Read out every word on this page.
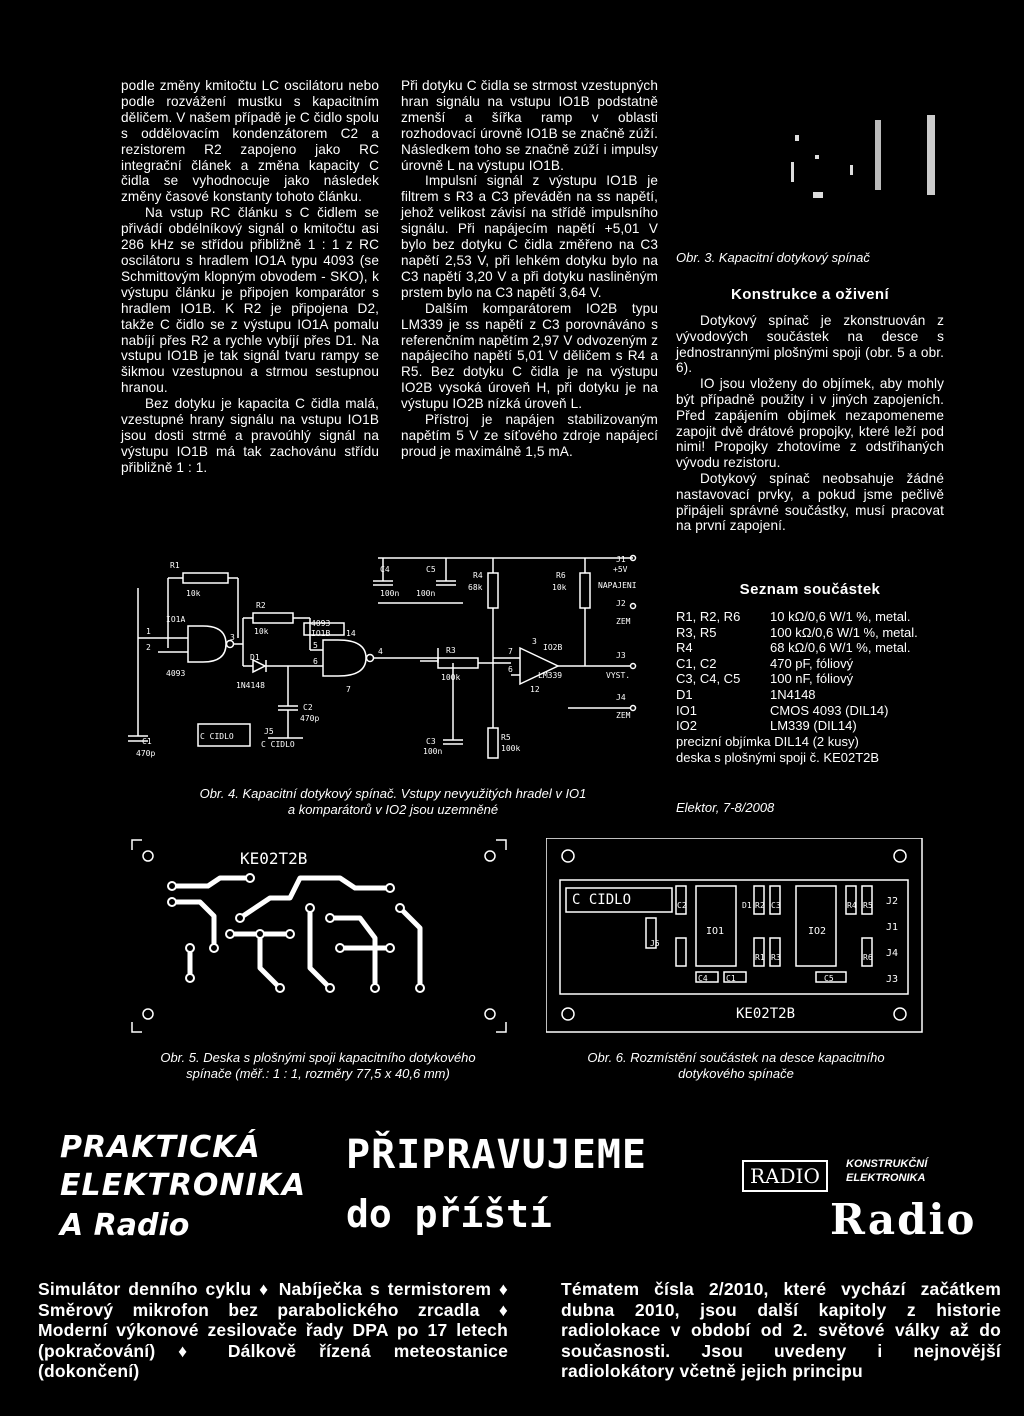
podle změny kmitočtu LC oscilátoru nebo podle rozvážení mustku s kapacitním děličem. V našem případě je C čidlo spolu s oddělovacím kondenzátorem C2 a rezistorem R2 zapojeno jako RC integrační článek a změna kapacity C čidla se vyhodnocuje jako následek změny časové konstanty tohoto článku.

Na vstup RC článku s C čidlem se přivádí obdélníkový signál o kmitočtu asi 286 kHz se střídou přibližně 1 : 1 z RC oscilátoru s hradlem IO1A typu 4093 (se Schmittovým klopným obvodem - SKO), k výstupu článku je připojen komparátor s hradlem IO1B. K R2 je připojena D2, takže C čidlo se z výstupu IO1A pomalu nabíjí přes R2 a rychle vybíjí přes D1. Na vstupu IO1B je tak signál tvaru rampy se šikmou vzestupnou a strmou sestupnou hranou.

Bez dotyku je kapacita C čidla malá, vzestupné hrany signálu na vstupu IO1B jsou dosti strmé a pravoúhlý signál na výstupu IO1B má tak zachovánu střídu přibližně 1 : 1.

Při dotyku C čidla se strmost vzestupných hran signálu na vstupu IO1B podstatně zmenší a šířka ramp v oblasti rozhodovací úrovně IO1B se značně zúží. Následkem toho se značně zúží i impulsy úrovně L na výstupu IO1B.

Impulsní signál z výstupu IO1B je filtrem s R3 a C3 převáděn na ss napětí, jehož velikost závisí na střídě impulsního signálu. Při napájecím napětí +5,01 V bylo bez dotyku C čidla změřeno na C3 napětí 2,53 V, při lehkém dotyku bylo na C3 napětí 3,20 V a při dotyku nasliněným prstem bylo na C3 napětí 3,64 V.

Dalším komparátorem IO2B typu LM339 je ss napětí z C3 porovnáváno s referenčním napětím 2,97 V odvozeným z napájecího napětí 5,01 V děličem s R4 a R5. Bez dotyku C čidla je na výstupu IO2B vysoká úroveň H, při dotyku je na výstupu IO2B nízká úroveň L.

Přístroj je napájen stabilizovaným napětím 5 V ze síťového zdroje napájecí proud je maximálně 1,5 mA.

Obr. 3. Kapacitní dotykový spínač
Konstrukce a oživení

Dotykový spínač je zkonstruován z vývodových součástek na desce s jednostrannými plošnými spoji (obr. 5 a obr. 6).

IO jsou vloženy do objímek, aby mohly být případně použity i v jiných zapojeních. Před zapájením objímek nezapomeneme zapojit dvě drátové propojky, které leží pod nimi! Propojky zhotovíme z odstřihaných vývodu rezistoru.

Dotykový spínač neobsahuje žádné nastavovací prvky, a pokud jsme pečlivě připájeli správné součástky, musí pracovat na první zapojení.

Seznam součástek
R1, R2, R6	10 kΩ/0,6 W/1 %, metal.
R3, R5	100 kΩ/0,6 W/1 %, metal.
R4	68 kΩ/0,6 W/1 %, metal.
C1, C2	470 pF, fóliový
C3, C4, C5	100 nF, fóliový
D1	1N4148
IO1	CMOS 4093 (DIL14)
IO2	LM339 (DIL14)
precizní objímka DIL14 (2 kusy)
deska s plošnými spoji č. KE02T2B
Elektor, 7-8/2008
R1
10k
IO1A
1
2
3
4093
R2
10k
D1
1N4148
4093
IO1B 14
5
6
4
7
C4
100n
C5
100n
R4
68k
R6
10k
R3
100k
C3
100n
R5
100k
C2
470p
C1
470p
C CIDLO
J5
C CIDLO
IO2B
LM339
3
7
6
12
J1
+5V
NAPAJENI
J2
ZEM
J3
VYST.
J4
ZEM
Obr. 4. Kapacitní dotykový spínač. Vstupy nevyužitých hradel v IO1
a komparátorů v IO2 jsou uzemněné
KE02T2B
C CIDLO
IO1	IO2
KE02T2B
J2
J1
J4
J3
J5
C2	D1 R2 C3	R4 R5
C4 C1
R1 R3	R6
C5
Obr. 5. Deska s plošnými spoji kapacitního dotykového
spínače (měř.: 1 : 1, rozměry 77,5 x 40,6 mm)
Obr. 6. Rozmístění součástek na desce kapacitního
dotykového spínače
PRAKTICKÁ
ELEKTRONIKA
A Radio
PŘIPRAVUJEME
do příští
RADIO	KONSTRUKČNÍ
ELEKTRONIKA
Radio
Simulátor denního cyklu ♦ Nabíječka s termistorem ♦ Směrový mikrofon bez parabolického zrcadla ♦ Moderní výkonové zesilovače řady DPA po 17 letech (pokračování) ♦ Dálkově řízená meteostanice (dokončení)
Tématem čísla 2/2010, které vychází začátkem dubna 2010, jsou další kapitoly z historie radiolokace v období od 2. světové války až do současnosti. Jsou uvedeny i nejnovější radiolokátory včetně jejich principu
